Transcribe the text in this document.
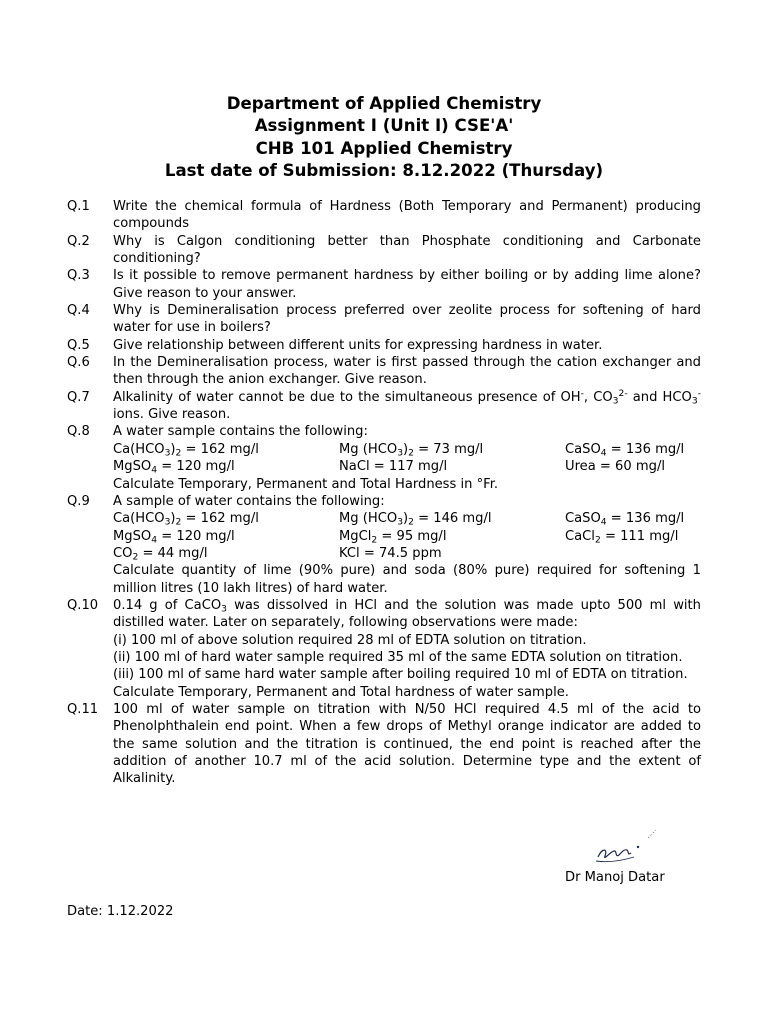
Department of Applied Chemistry
Assignment I (Unit I) CSE'A'
CHB 101 Applied Chemistry
Last date of Submission: 8.12.2022 (Thursday)
Q.1 Write the chemical formula of Hardness (Both Temporary and Permanent) producing compounds
Q.2 Why is Calgon conditioning better than Phosphate conditioning and Carbonate conditioning?
Q.3 Is it possible to remove permanent hardness by either boiling or by adding lime alone? Give reason to your answer.
Q.4 Why is Demineralisation process preferred over zeolite process for softening of hard water for use in boilers?
Q.5 Give relationship between different units for expressing hardness in water.
Q.6 In the Demineralisation process, water is first passed through the cation exchanger and then through the anion exchanger. Give reason.
Q.7 Alkalinity of water cannot be due to the simultaneous presence of OH-, $CO_3^{2-}$ and $HCO_3^-$ ions. Give reason.
Q.8 A water sample contains the following:
$Ca(HCO_3)_2 = 162$ mg/l	Mg $(HCO_3)_2 = 73$ mg/l	CaSO$_4$ = 136 mg/l
MgSO$_4$ = 120 mg/l	NaCl = 117 mg/l	Urea = 60 mg/l
Calculate Temporary, Permanent and Total Hardness in °Fr.
Q.9 A sample of water contains the following:
$Ca(HCO_3)_2 = 162$ mg/l	Mg $(HCO_3)_2 = 146$ mg/l	CaSO$_4$ = 136 mg/l
MgSO$_4$ = 120 mg/l	MgCl$_2$ = 95 mg/l	CaCl$_2$ = 111 mg/l
$CO_2 = 44$ mg/l	KCl = 74.5 ppm
Calculate quantity of lime (90% pure) and soda (80% pure) required for softening 1 million litres (10 lakh litres) of hard water.
Q.10 0.14 g of CaCO$_3$ was dissolved in HCl and the solution was made upto 500 ml with distilled water. Later on separately, following observations were made:
(i) 100 ml of above solution required 28 ml of EDTA solution on titration.
(ii) 100 ml of hard water sample required 35 ml of the same EDTA solution on titration.
(iii) 100 ml of same hard water sample after boiling required 10 ml of EDTA on titration.
Calculate Temporary, Permanent and Total hardness of water sample.
Q.11 100 ml of water sample on titration with N/50 HCl required 4.5 ml of the acid to Phenolphthalein end point. When a few drops of Methyl orange indicator are added to the same solution and the titration is continued, the end point is reached after the addition of another 10.7 ml of the acid solution. Determine type and the extent of Alkalinity.
Dr Manoj Datar
Date: 1.12.2022
